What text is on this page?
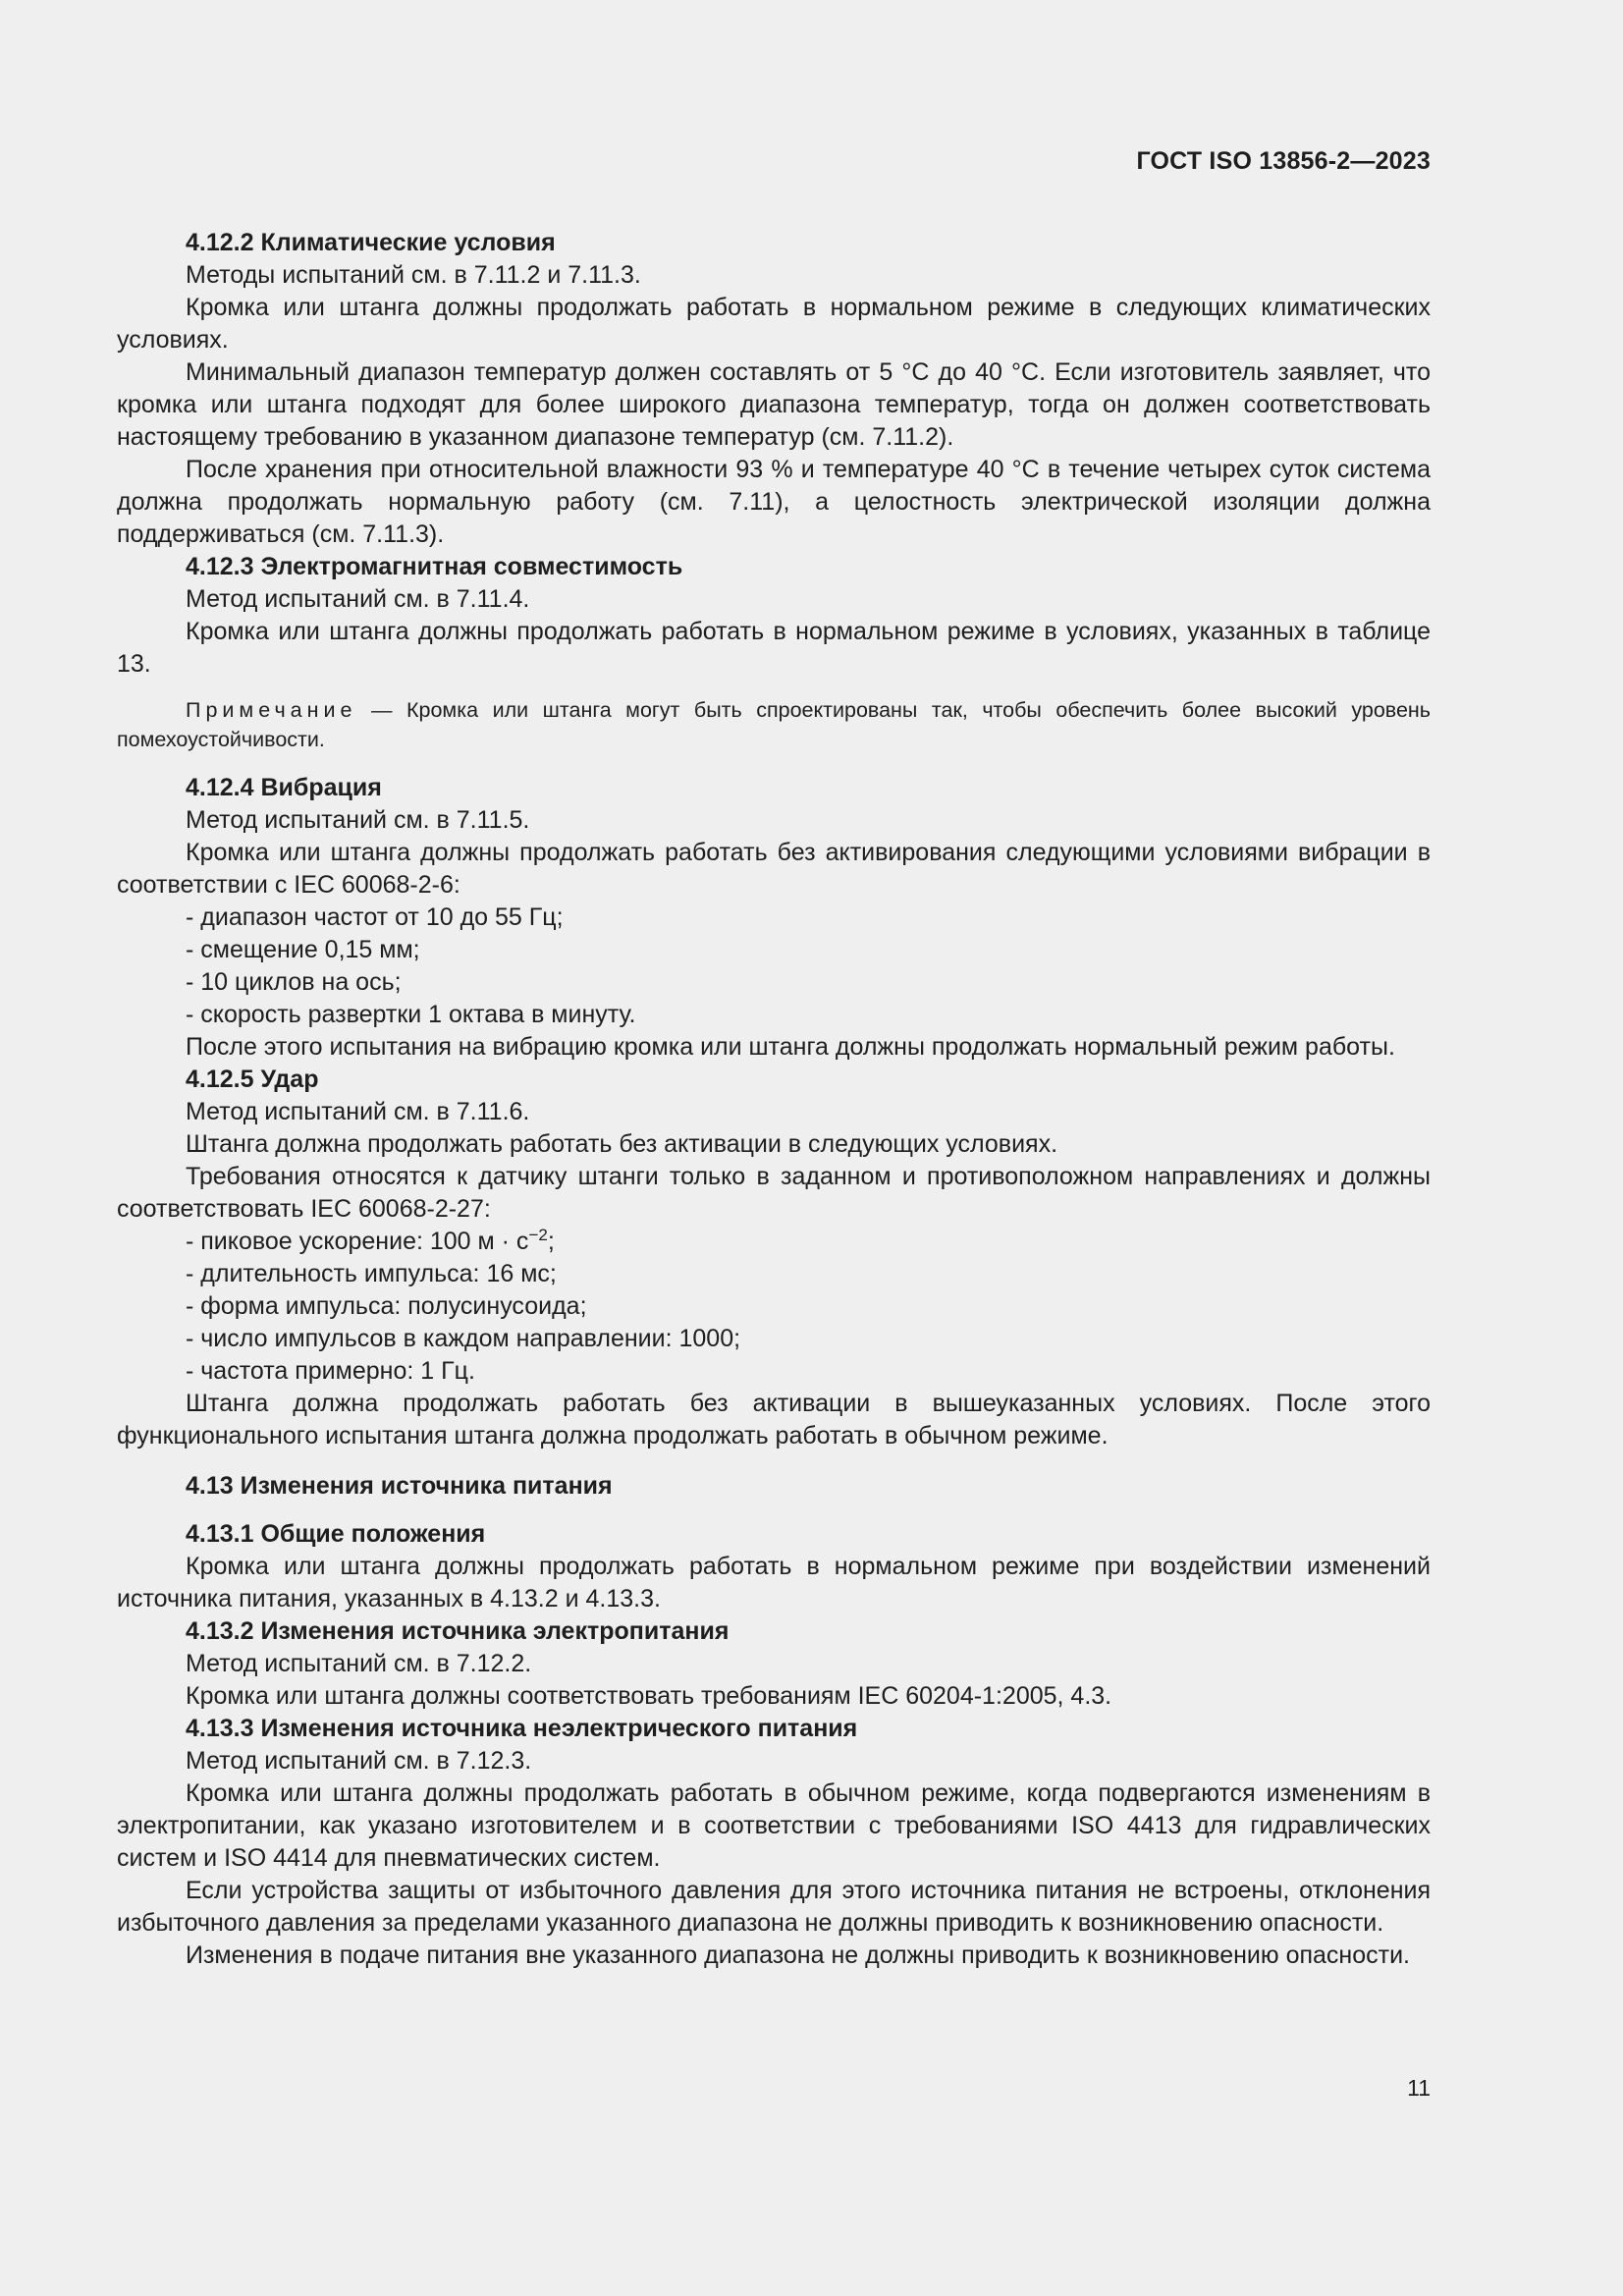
ГОСТ ISO 13856-2—2023
4.12.2 Климатические условия
Методы испытаний см. в 7.11.2 и 7.11.3.
Кромка или штанга должны продолжать работать в нормальном режиме в следующих климатических условиях.
Минимальный диапазон температур должен составлять от 5 °С до 40 °С. Если изготовитель заявляет, что кромка или штанга подходят для более широкого диапазона температур, тогда он должен соответствовать настоящему требованию в указанном диапазоне температур (см. 7.11.2).
После хранения при относительной влажности 93 % и температуре 40 °С в течение четырех суток система должна продолжать нормальную работу (см. 7.11), а целостность электрической изоляции должна поддерживаться (см. 7.11.3).
4.12.3 Электромагнитная совместимость
Метод испытаний см. в 7.11.4.
Кромка или штанга должны продолжать работать в нормальном режиме в условиях, указанных в таблице 13.
Примечание — Кромка или штанга могут быть спроектированы так, чтобы обеспечить более высокий уровень помехоустойчивости.
4.12.4 Вибрация
Метод испытаний см. в 7.11.5.
Кромка или штанга должны продолжать работать без активирования следующими условиями вибрации в соответствии с IEC 60068-2-6:
- диапазон частот от 10 до 55 Гц;
- смещение 0,15 мм;
- 10 циклов на ось;
- скорость развертки 1 октава в минуту.
После этого испытания на вибрацию кромка или штанга должны продолжать нормальный режим работы.
4.12.5 Удар
Метод испытаний см. в 7.11.6.
Штанга должна продолжать работать без активации в следующих условиях.
Требования относятся к датчику штанги только в заданном и противоположном направлениях и должны соответствовать IEC 60068-2-27:
- пиковое ускорение: 100 $м \cdot с^{-2}$;
- длительность импульса: 16 мс;
- форма импульса: полусинусоида;
- число импульсов в каждом направлении: 1000;
- частота примерно: 1 Гц.
Штанга должна продолжать работать без активации в вышеуказанных условиях. После этого функционального испытания штанга должна продолжать работать в обычном режиме.
4.13 Изменения источника питания
4.13.1 Общие положения
Кромка или штанга должны продолжать работать в нормальном режиме при воздействии изменений источника питания, указанных в 4.13.2 и 4.13.3.
4.13.2 Изменения источника электропитания
Метод испытаний см. в 7.12.2.
Кромка или штанга должны соответствовать требованиям IEC 60204-1:2005, 4.3.
4.13.3 Изменения источника неэлектрического питания
Метод испытаний см. в 7.12.3.
Кромка или штанга должны продолжать работать в обычном режиме, когда подвергаются изменениям в электропитании, как указано изготовителем и в соответствии с требованиями ISO 4413 для гидравлических систем и ISO 4414 для пневматических систем.
Если устройства защиты от избыточного давления для этого источника питания не встроены, отклонения избыточного давления за пределами указанного диапазона не должны приводить к возникновению опасности.
Изменения в подаче питания вне указанного диапазона не должны приводить к возникновению опасности.
11
